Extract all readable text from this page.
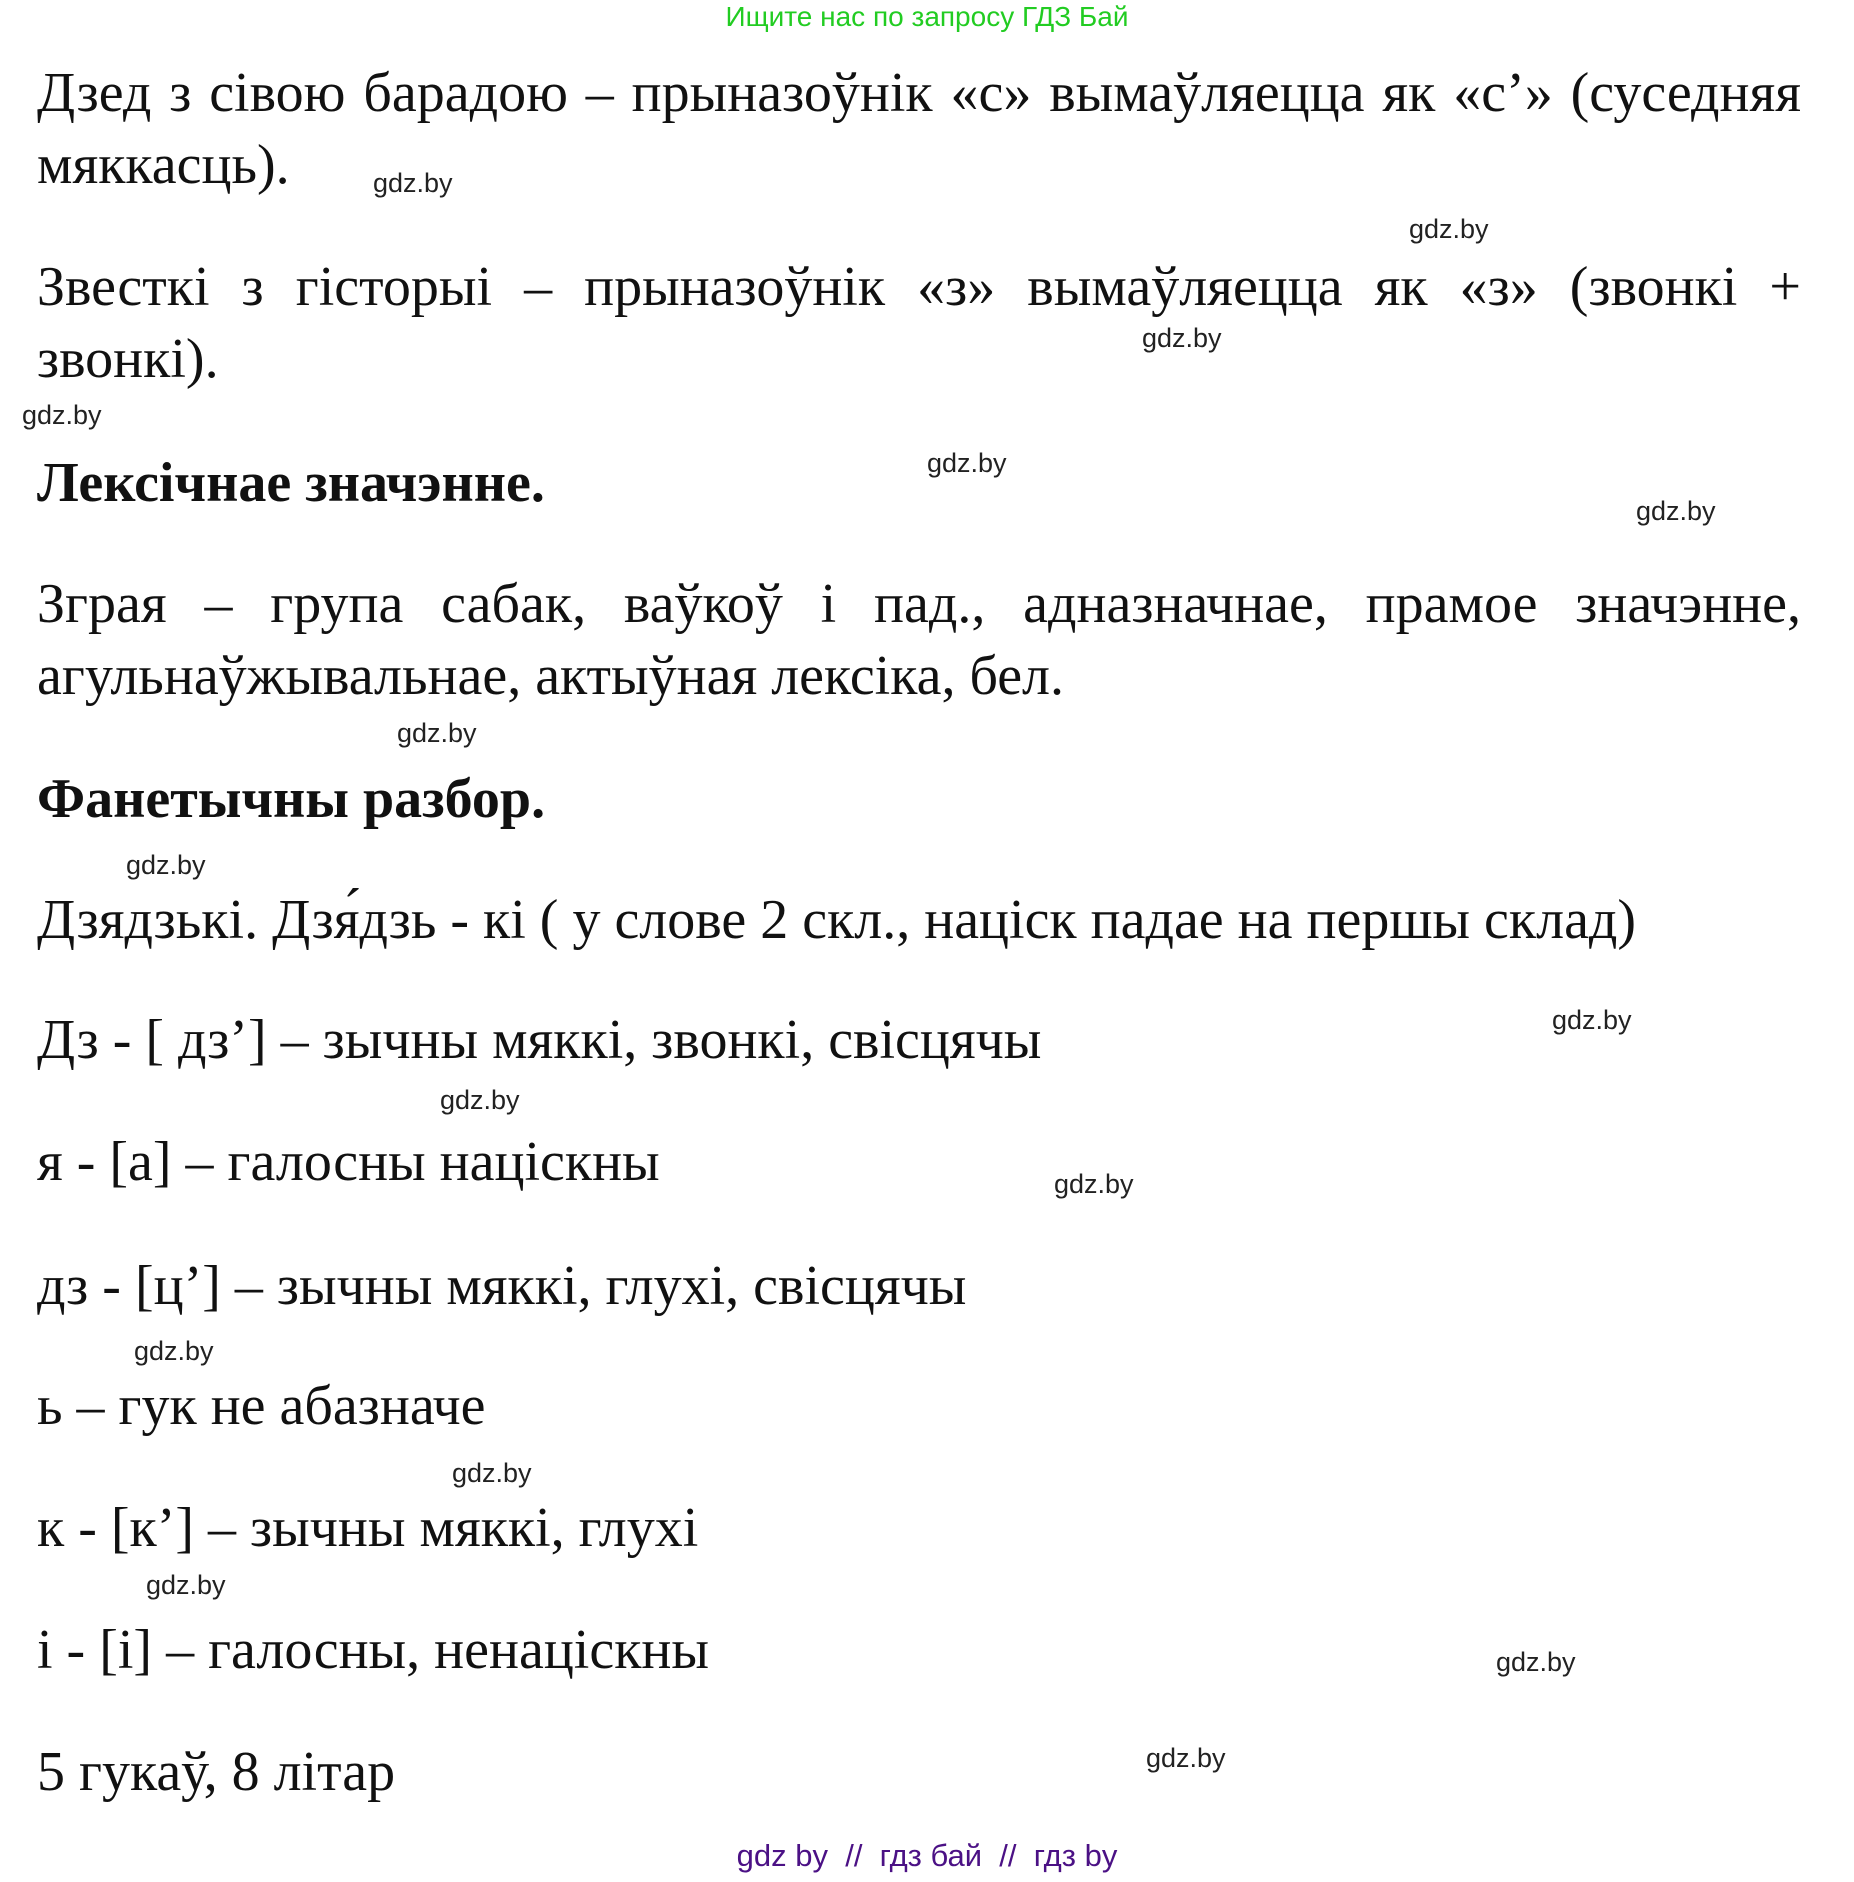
Ищите нас по запросу ГДЗ Бай

Дзед з сівою барадою – прыназоўнік «с» вымаўляецца як «с’» (суседняя мяккасць).

Звесткі з гісторыі – прыназоўнік «з» вымаўляецца як «з» (звонкі + звонкі).

Лексічнае значэнне.

Зграя – група сабак, ваўкоў і пад., адназначнае, прамое значэнне, агульнаўжывальнае, актыўная лексіка, бел.

Фанетычны разбор.

Дзядзькі. Дзя́дзь - кі ( у слове 2 скл., націск падае на першы склад)

Дз - [ дз’] – зычны мяккі, звонкі, свісцячы

я - [а] – галосны націскны

дз - [ц’] – зычны мяккі, глухі, свісцячы

ь – гук не абазначе

к - [к’] – зычны мяккі, глухі

і - [і] – галосны, ненаціскны

5 гукаў, 8 літар

gdz.by
gdz.by
gdz.by
gdz.by
gdz.by
gdz.by
gdz.by
gdz.by
gdz.by
gdz.by
gdz.by
gdz.by
gdz.by
gdz.by
gdz.by
gdz.by
gdz by  //  гдз бай  //  гдз by
